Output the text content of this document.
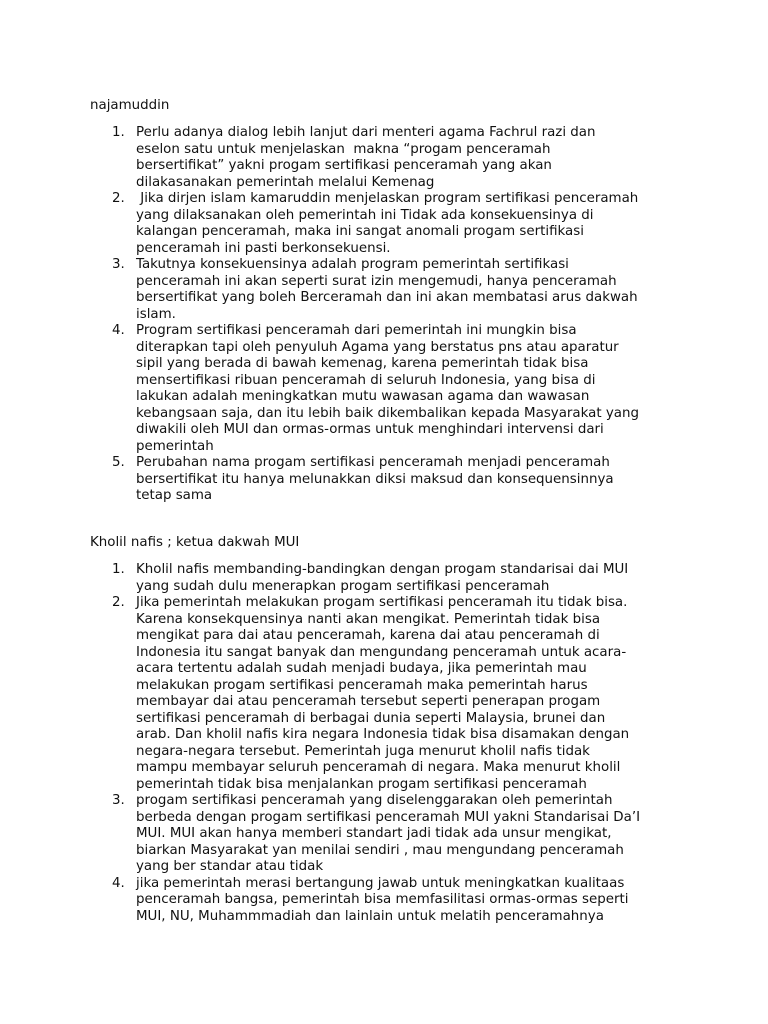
najamuddin

1. Perlu adanya dialog lebih lanjut dari menteri agama Fachrul razi dan
eselon satu untuk menjelaskan  makna “progam penceramah
bersertifikat” yakni progam sertifikasi penceramah yang akan
dilakasanakan pemerintah melalui Kemenag
2. Jika dirjen islam kamaruddin menjelaskan program sertifikasi penceramah
yang dilaksanakan oleh pemerintah ini Tidak ada konsekuensinya di
kalangan penceramah, maka ini sangat anomali progam sertifikasi
penceramah ini pasti berkonsekuensi.
3. Takutnya konsekuensinya adalah program pemerintah sertifikasi
penceramah ini akan seperti surat izin mengemudi, hanya penceramah
bersertifikat yang boleh Berceramah dan ini akan membatasi arus dakwah
islam.
4. Program sertifikasi penceramah dari pemerintah ini mungkin bisa
diterapkan tapi oleh penyuluh Agama yang berstatus pns atau aparatur
sipil yang berada di bawah kemenag, karena pemerintah tidak bisa
mensertifikasi ribuan penceramah di seluruh Indonesia, yang bisa di
lakukan adalah meningkatkan mutu wawasan agama dan wawasan
kebangsaan saja, dan itu lebih baik dikembalikan kepada Masyarakat yang
diwakili oleh MUI dan ormas-ormas untuk menghindari intervensi dari
pemerintah
5. Perubahan nama progam sertifikasi penceramah menjadi penceramah
bersertifikat itu hanya melunakkan diksi maksud dan konsequensinnya
tetap sama

Kholil nafis ; ketua dakwah MUI

1. Kholil nafis membanding-bandingkan dengan progam standarisai dai MUI
yang sudah dulu menerapkan progam sertifikasi penceramah
2. Jika pemerintah melakukan progam sertifikasi penceramah itu tidak bisa.
Karena konsekquensinya nanti akan mengikat. Pemerintah tidak bisa
mengikat para dai atau penceramah, karena dai atau penceramah di
Indonesia itu sangat banyak dan mengundang penceramah untuk acara-
acara tertentu adalah sudah menjadi budaya, jika pemerintah mau
melakukan progam sertifikasi penceramah maka pemerintah harus
membayar dai atau penceramah tersebut seperti penerapan progam
sertifikasi penceramah di berbagai dunia seperti Malaysia, brunei dan
arab. Dan kholil nafis kira negara Indonesia tidak bisa disamakan dengan
negara-negara tersebut. Pemerintah juga menurut kholil nafis tidak
mampu membayar seluruh penceramah di negara. Maka menurut kholil
pemerintah tidak bisa menjalankan progam sertifikasi penceramah
3. progam sertifikasi penceramah yang diselenggarakan oleh pemerintah
berbeda dengan progam sertifikasi penceramah MUI yakni Standarisai Da’I
MUI. MUI akan hanya memberi standart jadi tidak ada unsur mengikat,
biarkan Masyarakat yan menilai sendiri , mau mengundang penceramah
yang ber standar atau tidak
4. jika pemerintah merasi bertangung jawab untuk meningkatkan kualitaas
penceramah bangsa, pemerintah bisa memfasilitasi ormas-ormas seperti
MUI, NU, Muhammmadiah dan lainlain untuk melatih penceramahnya
